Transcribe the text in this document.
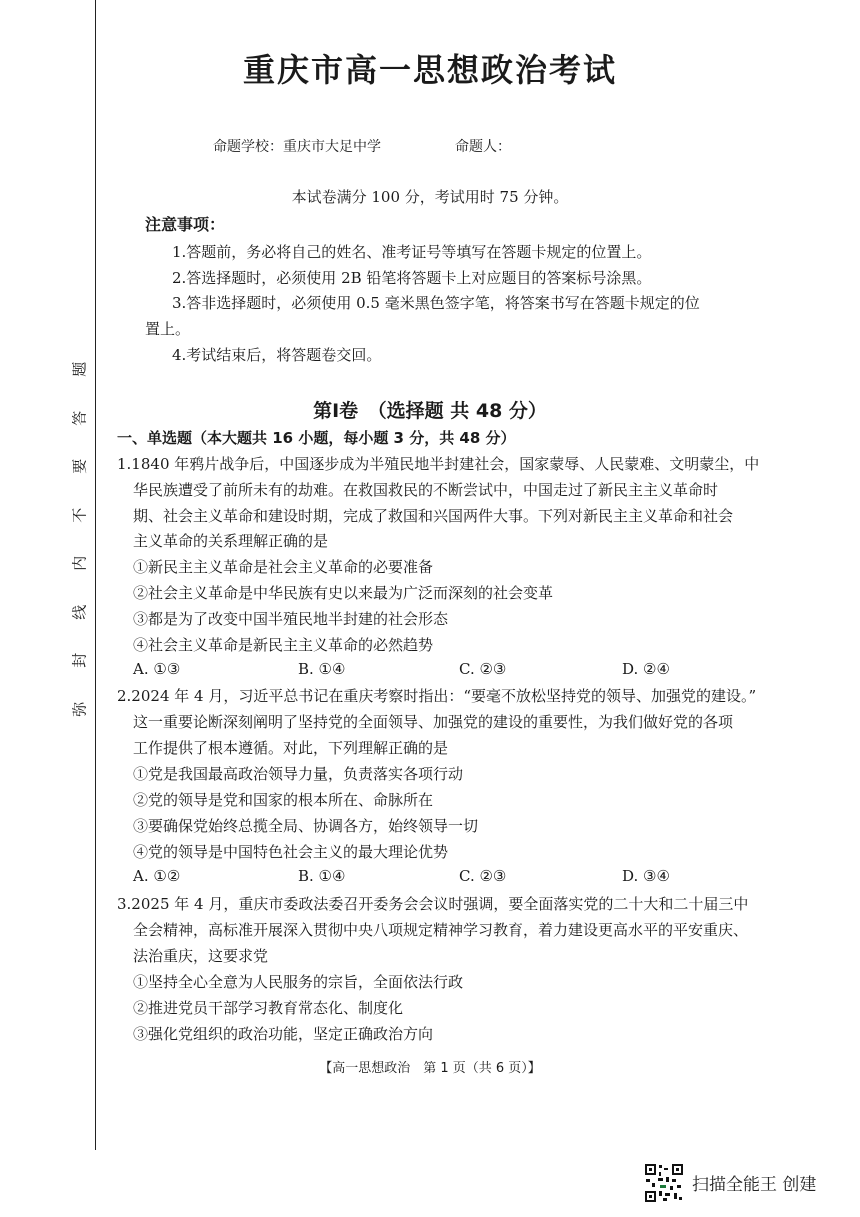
题
答
要
不
内
线
封
弥
重庆市高一思想政治考试
命题学校：重庆市大足中学	命题人：
本试卷满分 100 分，考试用时 75 分钟。
注意事项：
1.答题前，务必将自己的姓名、准考证号等填写在答题卡规定的位置上。
2.答选择题时，必须使用 2B 铅笔将答题卡上对应题目的答案标号涂黑。
3.答非选择题时，必须使用 0.5 毫米黑色签字笔，将答案书写在答题卡规定的位
置上。
4.考试结束后，将答题卷交回。
第Ⅰ卷　（选择题 共 48 分）
一、单选题（本大题共 16 小题，每小题 3 分，共 48 分）
1.1840 年鸦片战争后，中国逐步成为半殖民地半封建社会，国家蒙辱、人民蒙难、文明蒙尘，中
华民族遭受了前所未有的劫难。在救国救民的不断尝试中，中国走过了新民主主义革命时
期、社会主义革命和建设时期，完成了救国和兴国两件大事。下列对新民主主义革命和社会
主义革命的关系理解正确的是
①新民主主义革命是社会主义革命的必要准备
②社会主义革命是中华民族有史以来最为广泛而深刻的社会变革
③都是为了改变中国半殖民地半封建的社会形态
④社会主义革命是新民主主义革命的必然趋势
A. ①③	B. ①④	C. ②③	D. ②④
2.2024 年 4 月，习近平总书记在重庆考察时指出：“要毫不放松坚持党的领导、加强党的建设。”
这一重要论断深刻阐明了坚持党的全面领导、加强党的建设的重要性，为我们做好党的各项
工作提供了根本遵循。对此，下列理解正确的是
①党是我国最高政治领导力量，负责落实各项行动
②党的领导是党和国家的根本所在、命脉所在
③要确保党始终总揽全局、协调各方，始终领导一切
④党的领导是中国特色社会主义的最大理论优势
A. ①②	B. ①④	C. ②③	D. ③④
3.2025 年 4 月，重庆市委政法委召开委务会会议时强调，要全面落实党的二十大和二十届三中
全会精神，高标准开展深入贯彻中央八项规定精神学习教育，着力建设更高水平的平安重庆、
法治重庆，这要求党
①坚持全心全意为人民服务的宗旨，全面依法行政
②推进党员干部学习教育常态化、制度化
③强化党组织的政治功能，坚定正确政治方向
【高一思想政治　第 1 页（共 6 页）】
扫描全能王 创建
